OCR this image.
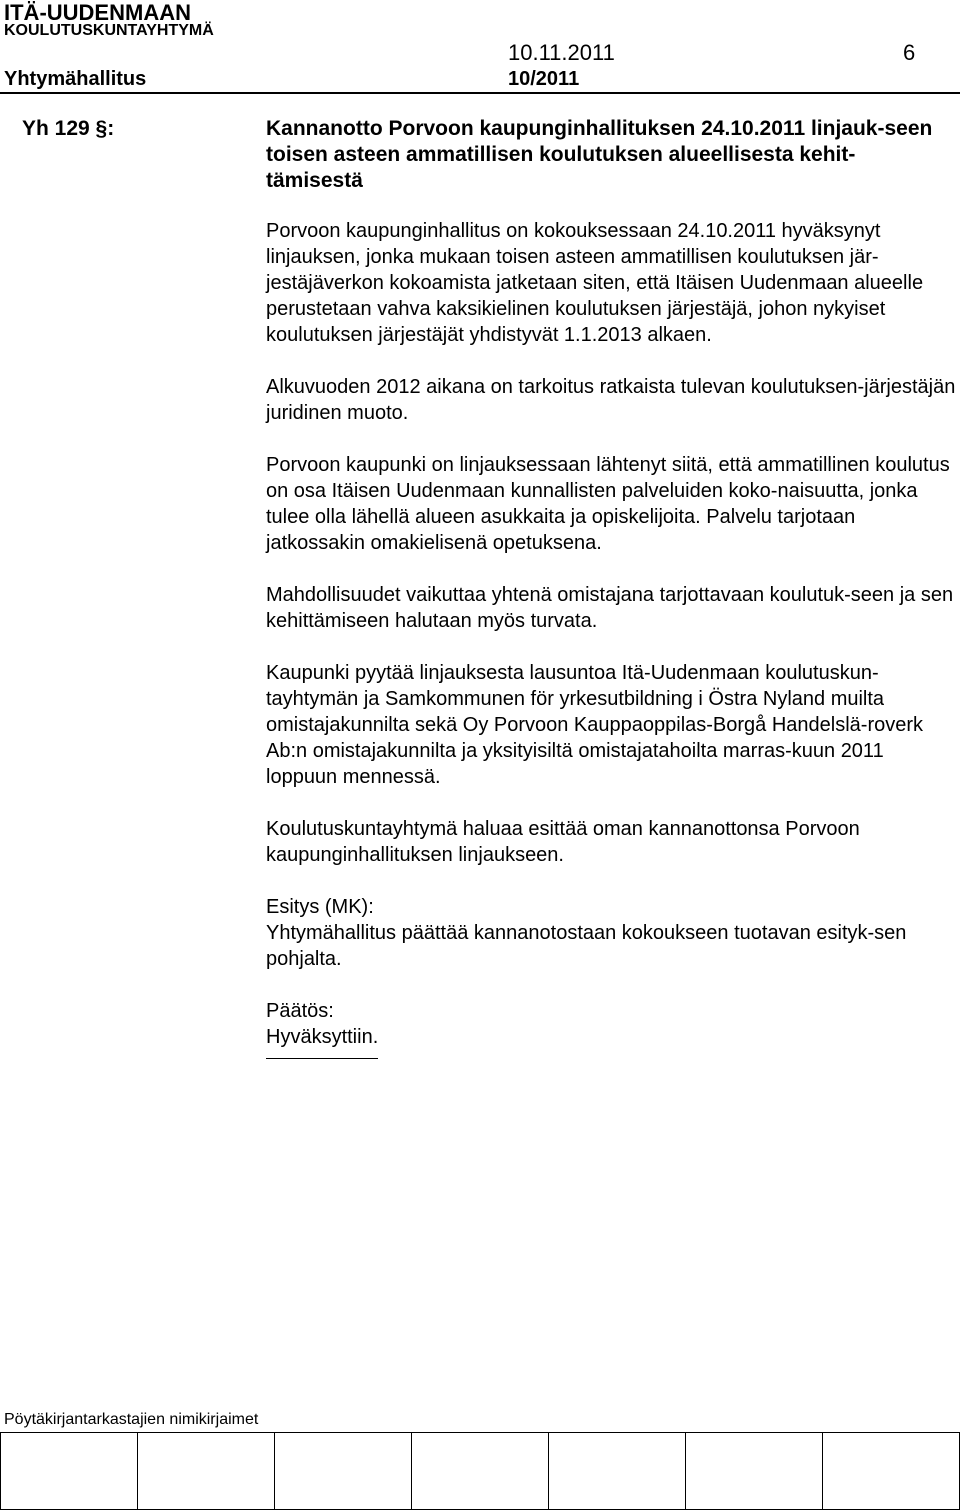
ITÄ-UUDENMAAN
KOULUTUSKUNTAYHTYMÄ
10.11.2011	6
Yhtymähallitus	10/2011
Yh 129 §:	Kannanotto Porvoon kaupunginhallituksen 24.10.2011 linjauk-seen toisen asteen ammatillisen koulutuksen alueellisesta kehit-tämisestä

Porvoon kaupunginhallitus on kokouksessaan 24.10.2011 hyväksynyt linjauksen, jonka mukaan toisen asteen ammatillisen koulutuksen jär-jestäjäverkon kokoamista jatketaan siten, että Itäisen Uudenmaan alueelle perustetaan vahva kaksikielinen koulutuksen järjestäjä, johon nykyiset koulutuksen järjestäjät yhdistyvät 1.1.2013 alkaen.

Alkuvuoden 2012 aikana on tarkoitus ratkaista tulevan koulutuksen-järjestäjän juridinen muoto.

Porvoon kaupunki on linjauksessaan lähtenyt siitä, että ammatillinen koulutus on osa Itäisen Uudenmaan kunnallisten palveluiden koko-naisuutta, jonka tulee olla lähellä alueen asukkaita ja opiskelijoita. Palvelu tarjotaan jatkossakin omakielisenä opetuksena.

Mahdollisuudet vaikuttaa yhtenä omistajana tarjottavaan koulutuk-seen ja sen kehittämiseen halutaan myös turvata.

Kaupunki pyytää linjauksesta lausuntoa Itä-Uudenmaan koulutuskun-tayhtymän ja Samkommunen för yrkesutbildning i Östra Nyland muilta omistajakunnilta sekä Oy Porvoon Kauppaoppilas-Borgå Handelslä-roverk Ab:n omistajakunnilta ja yksityisiltä omistajatahoilta marras-kuun 2011 loppuun mennessä.

Koulutuskuntayhtymä haluaa esittää oman kannanottonsa Porvoon kaupunginhallituksen linjaukseen.

Esitys (MK):

Yhtymähallitus päättää kannanotostaan kokoukseen tuotavan esityk-sen pohjalta.

Päätös:

Hyväksyttiin.

Pöytäkirjantarkastajien nimikirjaimet
